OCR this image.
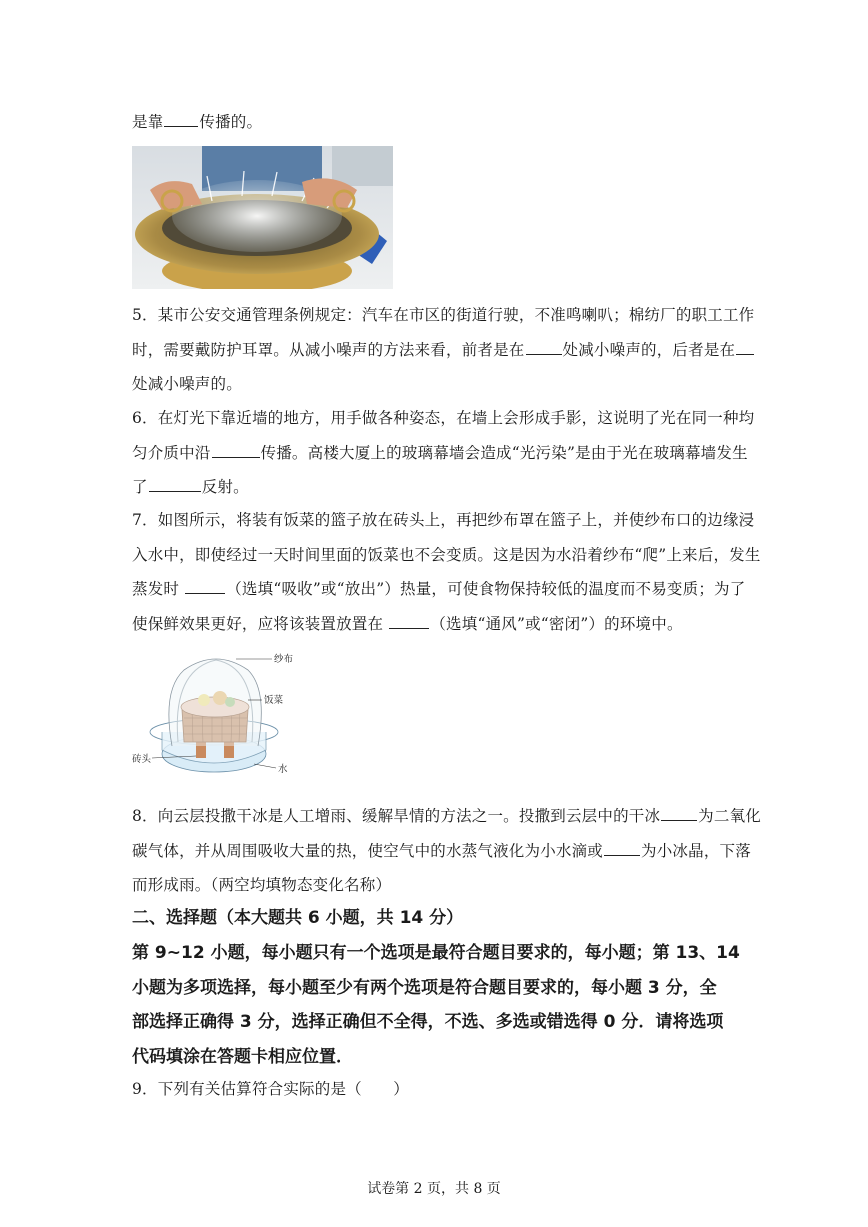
是靠 传播的。
5．某市公安交通管理条例规定：汽车在市区的街道行驶，不准鸣喇叭；棉纺厂的职工工作
时，需要戴防护耳罩。从减小噪声的方法来看，前者是在 处减小噪声的，后者是在
处减小噪声的。
6．在灯光下靠近墙的地方，用手做各种姿态，在墙上会形成手影，这说明了光在同一种均
匀介质中沿	传播。高楼大厦上的玻璃幕墙会造成“光污染”是由于光在玻璃幕墙发生
了	反射。
7．如图所示，将装有饭菜的篮子放在砖头上，再把纱布罩在篮子上，并使纱布口的边缘浸
入水中，即使经过一天时间里面的饭菜也不会变质。这是因为水沿着纱布“爬”上来后，发生
蒸发时	（选填“吸收”或“放出”）热量，可使食物保持较低的温度而不易变质；为了
使保鲜效果更好，应将该装置放置在	（选填“通风”或“密闭”）的环境中。
纱布
饭菜
砖头
水
8．向云层投撒干冰是人工增雨、缓解旱情的方法之一。投撒到云层中的干冰 为二氧化
碳气体，并从周围吸收大量的热，使空气中的水蒸气液化为小水滴或 为小冰晶，下落
而形成雨。（两空均填物态变化名称）
二、选择题（本大题共 6 小题，共 14 分）
第 9~12 小题，每小题只有一个选项是最符合题目要求的，每小题；第 13、14
小题为多项选择，每小题至少有两个选项是符合题目要求的，每小题 3 分，全
部选择正确得 3 分，选择正确但不全得，不选、多选或错选得 0 分．请将选项
代码填涂在答题卡相应位置．
9．下列有关估算符合实际的是（　　）
试卷第 2 页，共 8 页
